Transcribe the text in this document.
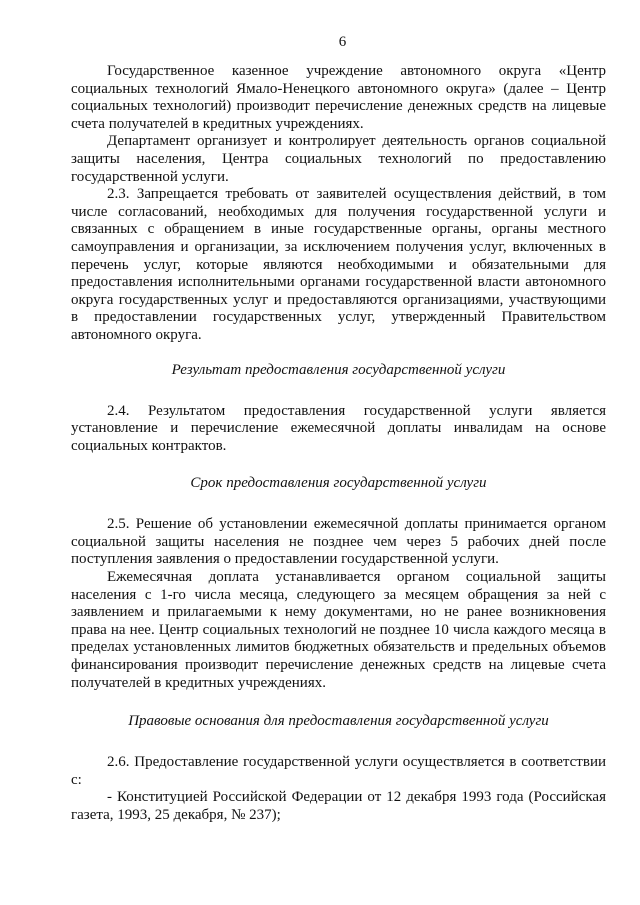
6

Государственное казенное учреждение автономного округа «Центр социальных технологий Ямало-Ненецкого автономного округа» (далее – Центр социальных технологий) производит перечисление денежных средств на лицевые счета получателей в кредитных учреждениях.

Департамент организует и контролирует деятельность органов социальной защиты населения, Центра социальных технологий по предоставлению государственной услуги.

2.3. Запрещается требовать от заявителей осуществления действий, в том числе согласований, необходимых для получения государственной услуги и связанных с обращением в иные государственные органы, органы местного самоуправления и организации, за исключением получения услуг, включенных в перечень услуг, которые являются необходимыми и обязательными для предоставления исполнительными органами государственной власти автономного округа государственных услуг и предоставляются организациями, участвующими в предоставлении государственных услуг, утвержденный Правительством автономного округа.

Результат предоставления государственной услуги

2.4. Результатом предоставления государственной услуги является установление и перечисление ежемесячной доплаты инвалидам на основе социальных контрактов.

Срок предоставления государственной услуги

2.5. Решение об установлении ежемесячной доплаты принимается органом социальной защиты населения не позднее чем через 5 рабочих дней после поступления заявления о предоставлении государственной услуги.

Ежемесячная доплата устанавливается органом социальной защиты населения с 1-го числа месяца, следующего за месяцем обращения за ней с заявлением и прилагаемыми к нему документами, но не ранее возникновения права на нее. Центр социальных технологий не позднее 10 числа каждого месяца в пределах установленных лимитов бюджетных обязательств и предельных объемов финансирования производит перечисление денежных средств на лицевые счета получателей в кредитных учреждениях.

Правовые основания для предоставления государственной услуги

2.6. Предоставление государственной услуги осуществляется в соответствии с:

- Конституцией Российской Федерации от 12 декабря 1993 года (Российская газета, 1993, 25 декабря, № 237);
